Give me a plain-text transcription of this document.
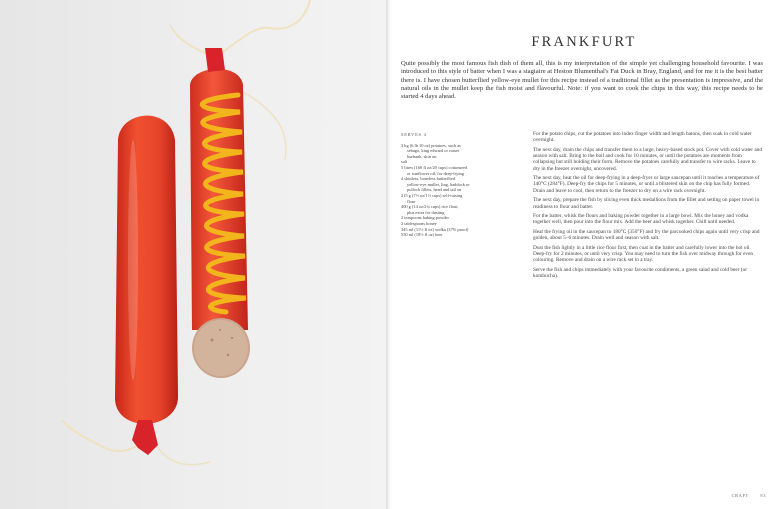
FRANKFURT
Quite possibly the most famous fish dish of them all, this is my interpretation of the simple yet challenging household favourite. I was introduced to this style of batter when I was a stagiaire at Heston Blumenthal's Fat Duck in Bray, England, and for me it is the best batter there is. I have chosen butterflied yellow-eye mullet for this recipe instead of a traditional fillet as the presentation is impressive, and the natural oils in the mullet keep the fish moist and flavourful. Note: if you want to cook the chips in this way, this recipe needs to be started 4 days ahead.
SERVES 4
3 kg (6 lb 10 oz) potatoes, such as
sebago, king edward or russet
burbank, skin on
salt
5 litres (160 fl oz/20 cups) cottonseed
or sunflower oil, for deep-frying
4 skinless, boneless butterflied
yellow-eye mullet, ling, haddock or
pollock fillets, head and tail on
215 g (7½ oz/1½ cups) self-raising
flour
400 g (14 oz/2¼ cups) rice flour,
plus extra for dusting
2 teaspoons baking powder
2 tablespoons honey
345 ml (11½ fl oz) vodka (37% proof)
550 ml (18½ fl oz) beer

For the potato chips, cut the potatoes into index finger width and length batons, then soak in cold water overnight.

The next day, drain the chips and transfer them to a large, heavy-based stock pot. Cover with cold water and season with salt. Bring to the boil and cook for 10 minutes, or until the potatoes are moments from collapsing but still holding their form. Remove the potatoes carefully and transfer to wire racks. Leave to dry in the freezer overnight, uncovered.

The next day, heat the oil for deep-frying in a deep-fryer or large saucepan until it reaches a temperature of 140°C (284°F). Deep-fry the chips for 5 minutes, or until a blistered skin on the chip has fully formed. Drain and leave to cool, then return to the freezer to dry on a wire rack overnight.

The next day, prepare the fish by slicing even thick medallions from the fillet and setting on paper towel in readiness to flour and batter.

For the batter, whisk the flours and baking powder together in a large bowl. Mix the honey and vodka together well, then pour into the flour mix. Add the beer and whisk together. Chill until needed.

Heat the frying oil in the saucepan to 180°C (350°F) and fry the parcooked chips again until very crisp and golden, about 5–6 minutes. Drain well and season with salt.

Dust the fish lightly in a little rice flour first, then coat in the batter and carefully lower into the hot oil. Deep-fry for 2 minutes, or until very crisp. You may need to turn the fish over midway through for even colouring. Remove and drain on a wire rack set in a tray.

Serve the fish and chips immediately with your favourite condiments, a green salad and cold beer (or kombucha).

CRAFT	83
